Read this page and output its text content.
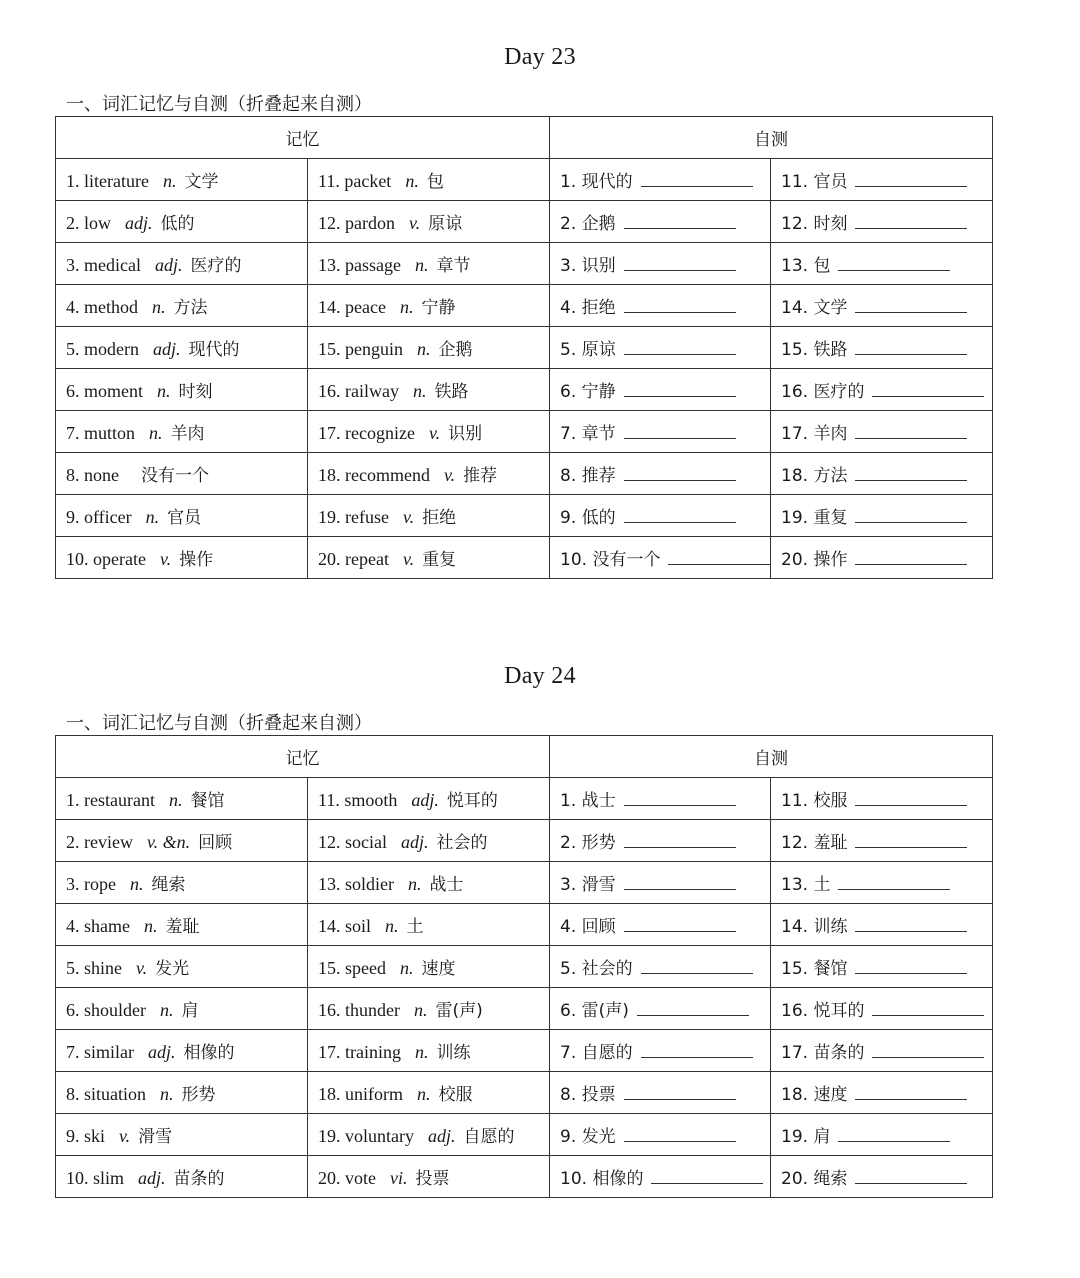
Day 23
一、词汇记忆与自测（折叠起来自测）
记忆		自测	
1. literature n. 文学	11. packet n. 包	1. 现代的	11. 官员
2. low adj. 低的	12. pardon v. 原谅	2. 企鹅	12. 时刻
3. medical adj. 医疗的	13. passage n. 章节	3. 识别	13. 包
4. method n. 方法	14. peace n. 宁静	4. 拒绝	14. 文学
5. modern adj. 现代的	15. penguin n. 企鹅	5. 原谅	15. 铁路
6. moment n. 时刻	16. railway n. 铁路	6. 宁静	16. 医疗的
7. mutton n. 羊肉	17. recognize v. 识别	7. 章节	17. 羊肉
8. none 没有一个	18. recommend v. 推荐	8. 推荐	18. 方法
9. officer n. 官员	19. refuse v. 拒绝	9. 低的	19. 重复
10. operate v. 操作	20. repeat v. 重复	10. 没有一个	20. 操作
Day 24
一、词汇记忆与自测（折叠起来自测）
记忆		自测	
1. restaurant n. 餐馆	11. smooth adj. 悦耳的	1. 战士	11. 校服
2. review v. &n. 回顾	12. social adj. 社会的	2. 形势	12. 羞耻
3. rope n. 绳索	13. soldier n. 战士	3. 滑雪	13. 土
4. shame n. 羞耻	14. soil n. 土	4. 回顾	14. 训练
5. shine v. 发光	15. speed n. 速度	5. 社会的	15. 餐馆
6. shoulder n. 肩	16. thunder n. 雷(声)	6. 雷(声)	16. 悦耳的
7. similar adj. 相像的	17. training n. 训练	7. 自愿的	17. 苗条的
8. situation n. 形势	18. uniform n. 校服	8. 投票	18. 速度
9. ski v. 滑雪	19. voluntary adj. 自愿的	9. 发光	19. 肩
10. slim adj. 苗条的	20. vote vi. 投票	10. 相像的	20. 绳索
